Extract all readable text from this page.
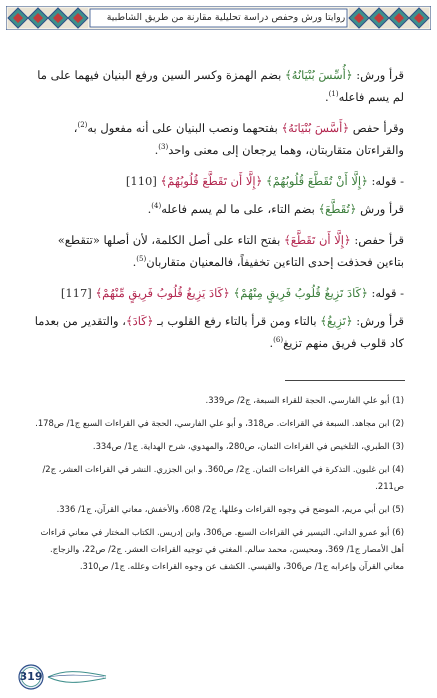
روايتا ورش وحفص دراسة تحليلية مقارنة من طريق الشاطبية

قرأ ورش: ﴿أُسِّسَ بُنْيَانُهُ﴾ بضم الهمزة وكسر السين ورفع البنيان فيهما على ما لم يسم فاعله$^{(1)}$.

وقرأ حفص ﴿أَسَّسَ بُنْيَانَهُ﴾ بفتحهما ونصب البنيان على أنه مفعول به$^{(2)}$، والقراءتان متقاربتان، وهما يرجعان إلى معنى واحد$^{(3)}$.

- قوله: ﴿إِلَّا أَنْ تُقَطَّعَ قُلُوبُهُمْ﴾ ﴿إِلَّا أَن تَقَطَّعَ قُلُوبُهُمْ﴾ [110]

قرأ ورش ﴿تُقَطَّعَ﴾ بضم التاء، على ما لم يسم فاعله$^{(4)}$.

قرأ حفص: ﴿إِلَّا أَن تَقَطَّعَ﴾ بفتح التاء على أصل الكلمة، لأن أصلها «تتقطع» بتاءين فحذفت إحدى التاءين تخفيفاً، فالمعنيان متقاربان$^{(5)}$.

- قوله: ﴿كَادَ تَزِيغُ قُلُوبُ فَرِيقٍ مِنْهُمْ﴾ ﴿كَادَ يَزِيغُ قُلُوبُ فَرِيقٍ مِّنْهُمْ﴾ [117]

قرأ ورش: ﴿تَزِيغُ﴾ بالتاء ومن قرأ بالتاء رفع القلوب بـ ﴿كَادَ﴾، والتقدير من بعدما كاد قلوب فريق منهم تزيغ$^{(6)}$.

(1) أبو علي الفارسي، الحجة للقراء السبعة، ج2/ ص339.

(2) ابن مجاهد. السبعة في القراءات. ص318، و أبو علي الفارسي، الحجة في القراءات السبع ج1/ ص178.

(3) الطبري، التلخيص في القراءات الثمان، ص280، والمهدوي، شرح الهداية. ج1/ ص334.

(4) ابن غلبون. التذكرة في القراءات الثمان. ج2/ ص360. و ابن الجزري. النشر في القراءات العشر، ج2/ ص211.

(5) ابن أبي مريم، الموضح في وجوه القراءات وعللها، ج2/ 608، والأخفش، معاني القرآن، ج1/ 336.

(6) أبو عمرو الداني. التيسير في القراءات السبع. ص306، وابن إدريس. الكتاب المختار في معاني قراءات أهل الأمصار ج1/ 369، ومحيسن، محمد سالم. المغني في توجيه القراءات العشر. ج2/ ص22، والزجاج. معاني القرآن وإعرابه ج1/ ص306، والقيسي. الكشف عن وجوه القراءات وعلله. ج1/ ص310.

319
